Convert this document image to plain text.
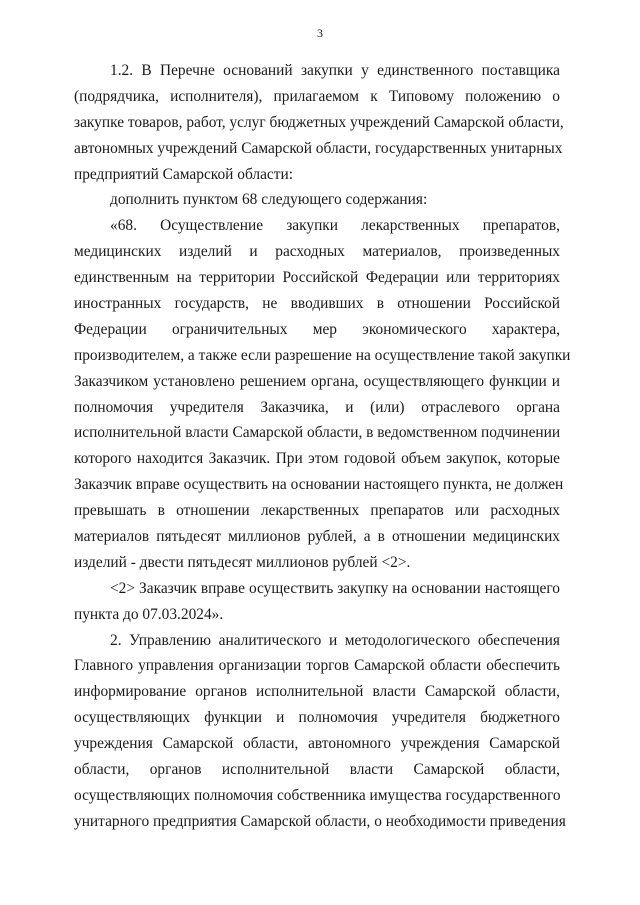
3
1.2. В Перечне оснований закупки у единственного поставщика
(подрядчика, исполнителя), прилагаемом к Типовому положению о
закупке товаров, работ, услуг бюджетных учреждений Самарской области,
автономных учреждений Самарской области, государственных унитарных
предприятий Самарской области:
дополнить пунктом 68 следующего содержания:
«68. Осуществление закупки лекарственных препаратов,
медицинских изделий и расходных материалов, произведенных
единственным на территории Российской Федерации или территориях
иностранных государств, не вводивших в отношении Российской
Федерации ограничительных мер экономического характера,
производителем, а также если разрешение на осуществление такой закупки
Заказчиком установлено решением органа, осуществляющего функции и
полномочия учредителя Заказчика, и (или) отраслевого органа
исполнительной власти Самарской области, в ведомственном подчинении
которого находится Заказчик. При этом годовой объем закупок, которые
Заказчик вправе осуществить на основании настоящего пункта, не должен
превышать в отношении лекарственных препаратов или расходных
материалов пятьдесят миллионов рублей, а в отношении медицинских
изделий - двести пятьдесят миллионов рублей <2>.
<2> Заказчик вправе осуществить закупку на основании настоящего
пункта до 07.03.2024».
2. Управлению аналитического и методологического обеспечения
Главного управления организации торгов Самарской области обеспечить
информирование органов исполнительной власти Самарской области,
осуществляющих функции и полномочия учредителя бюджетного
учреждения Самарской области, автономного учреждения Самарской
области, органов исполнительной власти Самарской области,
осуществляющих полномочия собственника имущества государственного
унитарного предприятия Самарской области, о необходимости приведения
